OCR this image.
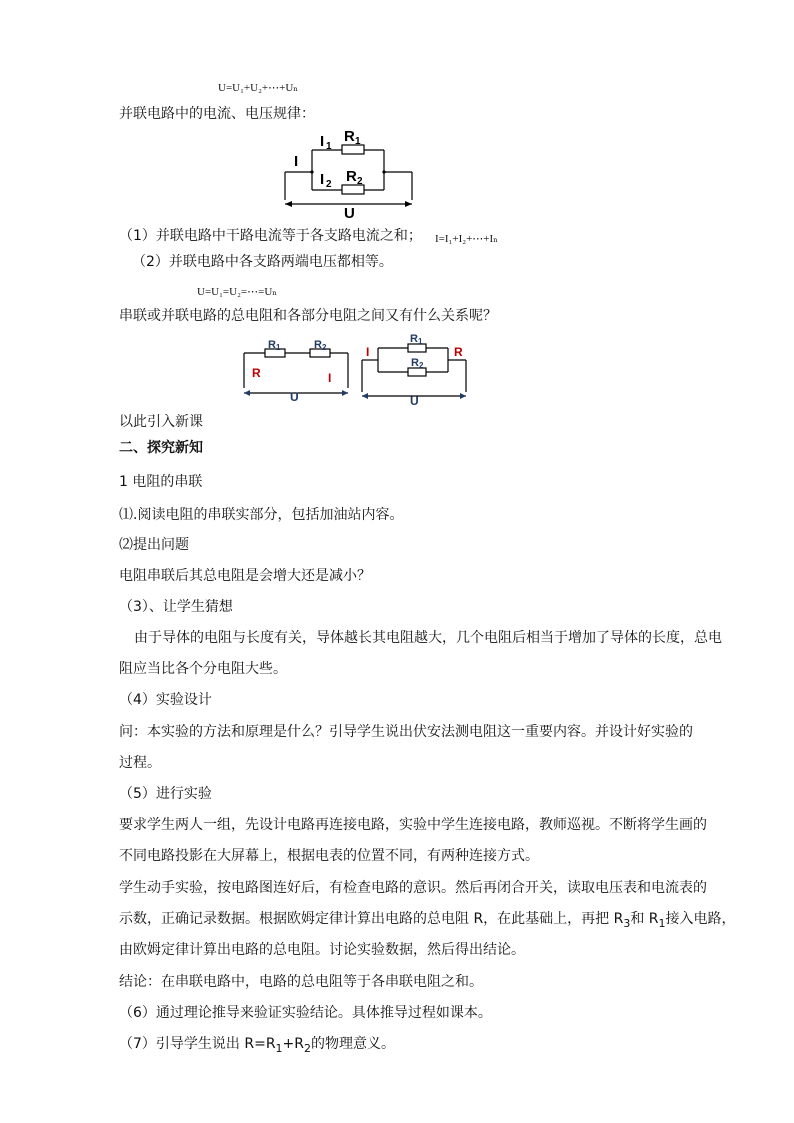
U=U₁+U₂+⋯+Uₙ
并联电路中的电流、电压规律：
I
I 1
R 1
I 2 R 2
U
（1）并联电路中干路电流等于各支路电流之和； I=I₁+I₂+⋯+Iₙ
（2）并联电路中各支路两端电压都相等。
U=U₁=U₂=⋯=Uₙ
串联或并联电路的总电阻和各部分电阻之间又有什么关系呢？
R 1	R 2
R	I
U
R 1
R 2
I	R
U
以此引入新课
二、探究新知
1 电阻的串联
⑴.阅读电阻的串联实部分，包括加油站内容。
⑵提出问题
电阻串联后其总电阻是会增大还是减小？
（3）、让学生猜想
由于导体的电阻与长度有关，导体越长其电阻越大，几个电阻后相当于增加了导体的长度，总电
阻应当比各个分电阻大些。
（4）实验设计
问：本实验的方法和原理是什么？引导学生说出伏安法测电阻这一重要内容。并设计好实验的
过程。
（5）进行实验
要求学生两人一组，先设计电路再连接电路，实验中学生连接电路，教师巡视。不断将学生画的
不同电路投影在大屏幕上，根据电表的位置不同，有两种连接方式。
学生动手实验，按电路图连好后，有检查电路的意识。然后再闭合开关，读取电压表和电流表的
示数，正确记录数据。根据欧姆定律计算出电路的总电阻 R，在此基础上，再把 $R_3$和 $R_1$接入电路，
由欧姆定律计算出电路的总电阻。讨论实验数据，然后得出结论。
结论：在串联电路中，电路的总电阻等于各串联电阻之和。
（6）通过理论推导来验证实验结论。具体推导过程如课本。
（7）引导学生说出 $R=R_1+R_2$的物理意义。
